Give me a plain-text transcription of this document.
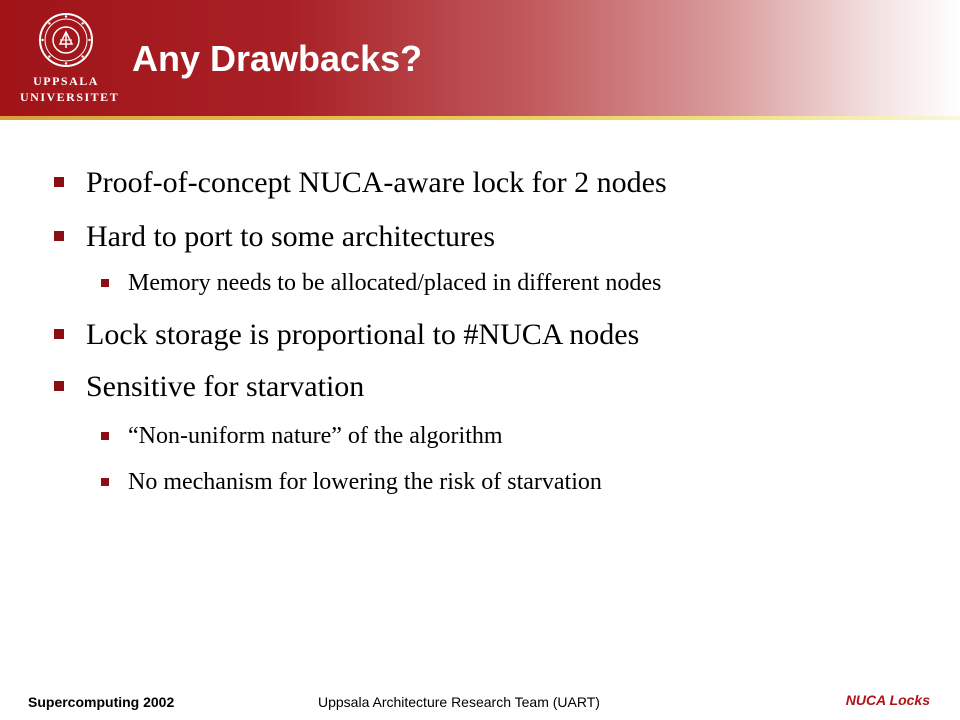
UPPSALA
UNIVERSITET
Any Drawbacks?
Proof-of-concept NUCA-aware lock for 2 nodes
Hard to port to some architectures
Memory needs to be allocated/placed in different nodes
Lock storage is proportional to #NUCA nodes
Sensitive for starvation
“Non-uniform nature” of the algorithm
No mechanism for lowering the risk of starvation
Supercomputing 2002	Uppsala Architecture Research Team (UART)	NUCA Locks
